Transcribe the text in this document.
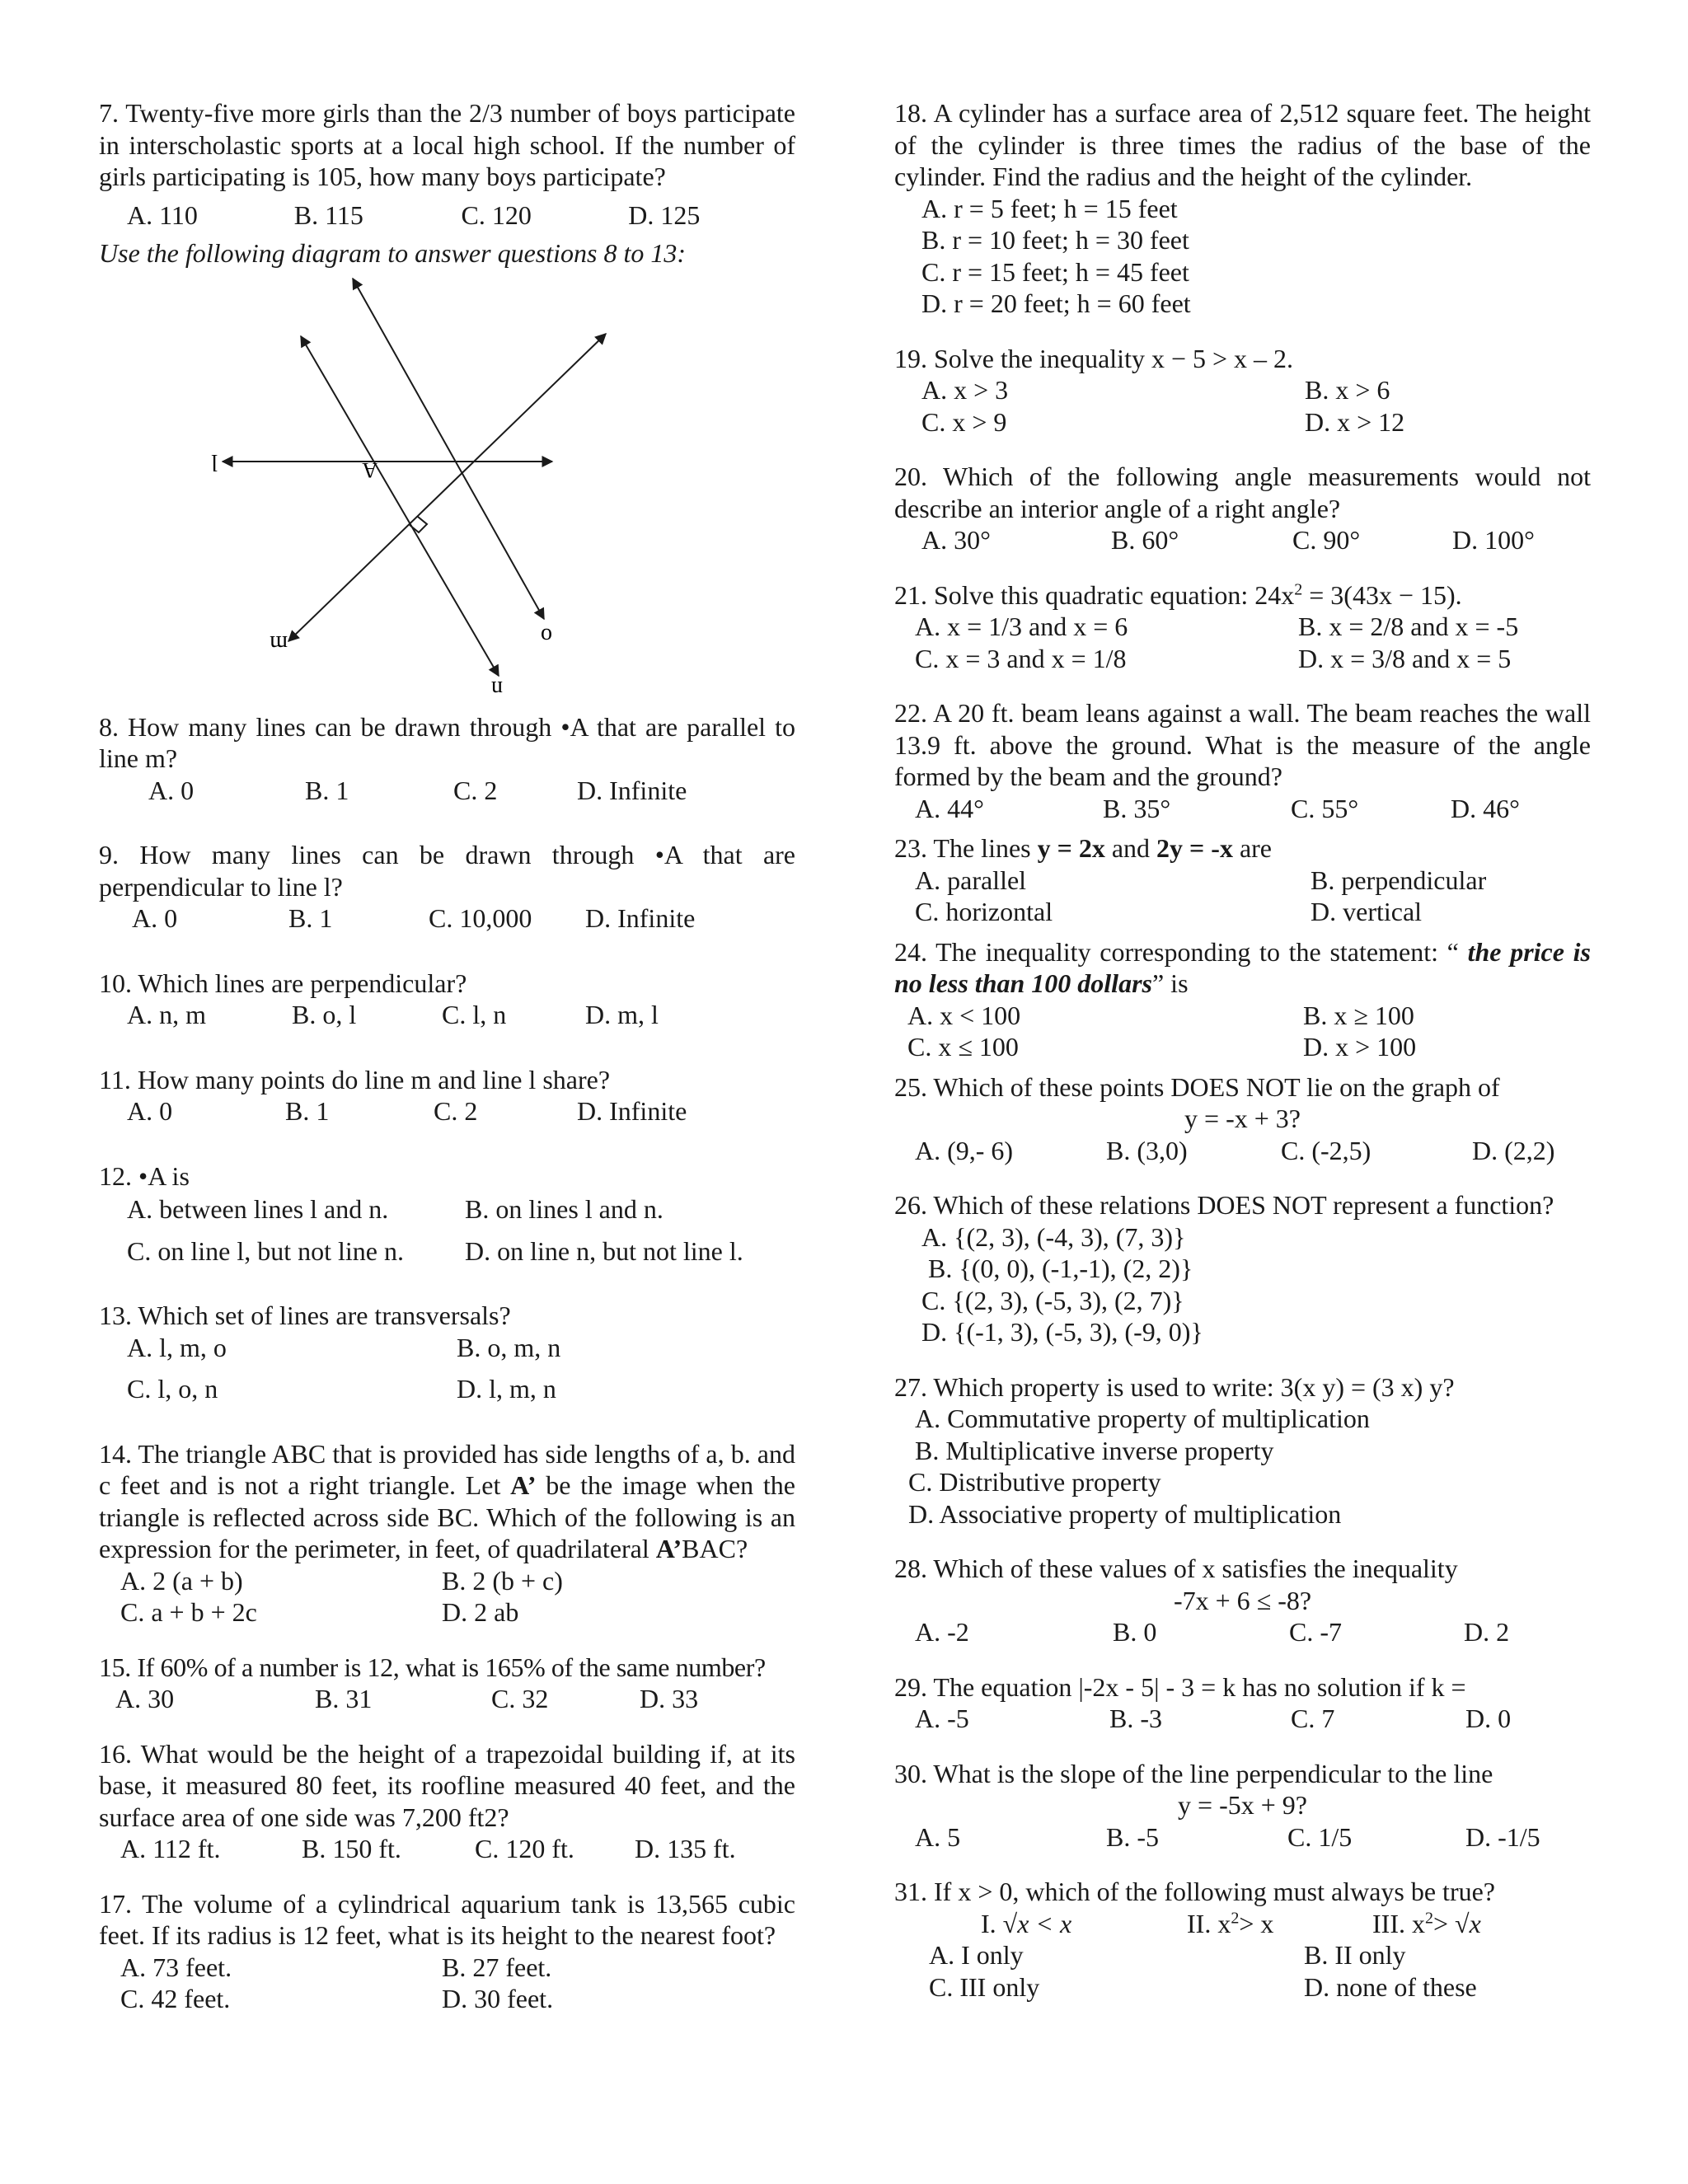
7. Twenty-five more girls than the 2/3 number of boys participate in interscholastic sports at a local high school. If the number of girls participating is 105, how many boys participate?

A. 110	B. 115	C. 120	D. 125

Use the following diagram to answer questions 8 to 13:

l
m
n
o
A

8. How many lines can be drawn through •A that are parallel to line m?

A. 0	B. 1	C. 2	D. Infinite

9. How many lines can be drawn through •A that are perpendicular to line l?

A. 0	B. 1	C. 10,000	D. Infinite

10. Which lines are perpendicular?

A. n, m	B. o, l	C. l, n	D. m, l

11. How many points do line m and line l share?

A. 0	B. 1	C. 2	D. Infinite

12. •A is

A. between lines l and n.	B. on lines l and n.
C. on line l, but not line n.	D. on line n, but not line l.

13. Which set of lines are transversals?

A. l, m, o	B. o, m, n
C. l, o, n	D. l, m, n

14. The triangle ABC that is provided has side lengths of a, b. and c feet and is not a right triangle. Let A’ be the image when the triangle is reflected across side BC. Which of the following is an expression for the perimeter, in feet, of quadrilateral A’BAC?

A. 2 (a + b)	B. 2 (b + c)
C. a + b + 2c	D. 2 ab

15. If 60% of a number is 12, what is 165% of the same number?

A. 30	B. 31	C. 32	D. 33

16. What would be the height of a trapezoidal building if, at its base, it measured 80 feet, its roofline measured 40 feet, and the surface area of one side was 7,200 ft2?

A. 112 ft.	B. 150 ft.	C. 120 ft.	D. 135 ft.

17. The volume of a cylindrical aquarium tank is 13,565 cubic feet. If its radius is 12 feet, what is its height to the nearest foot?

A. 73 feet.	B. 27 feet.
C. 42 feet.	D. 30 feet.

18. A cylinder has a surface area of 2,512 square feet. The height of the cylinder is three times the radius of the base of the cylinder. Find the radius and the height of the cylinder.

A. r = 5 feet; h = 15 feet
B. r = 10 feet; h = 30 feet
C. r = 15 feet; h = 45 feet
D. r = 20 feet; h = 60 feet

19. Solve the inequality x − 5 > x – 2.

A. x > 3	B. x > 6
C. x > 9	D. x > 12

20. Which of the following angle measurements would not describe an interior angle of a right angle?

A. 30°	B. 60°	C. 90°	D. 100°

21. Solve this quadratic equation: $24x^2 = 3(43x - 15)$.

A. x = 1/3 and x = 6	B. x = 2/8 and x = -5
C. x = 3 and x = 1/8	D. x = 3/8 and x = 5

22. A 20 ft. beam leans against a wall. The beam reaches the wall 13.9 ft. above the ground. What is the measure of the angle formed by the beam and the ground?

A. 44°	B. 35°	C. 55°	D. 46°

23. The lines y = 2x and 2y = -x are

A. parallel	B. perpendicular
C. horizontal	D. vertical

24. The inequality corresponding to the statement: “ the price is no less than 100 dollars” is

A. x < 100	B. x ≥ 100
C. x ≤ 100	D. x > 100

25. Which of these points DOES NOT lie on the graph of

y = -x + 3?

A. (9,- 6)	B. (3,0)	C. (-2,5)	D. (2,2)

26. Which of these relations DOES NOT represent a function?

A. {(2, 3), (-4, 3), (7, 3)}
B. {(0, 0), (-1,-1), (2, 2)}
C. {(2, 3), (-5, 3), (2, 7)}
D. {(-1, 3), (-5, 3), (-9, 0)}

27. Which property is used to write: 3(x y) = (3 x) y?

A. Commutative property of multiplication
B. Multiplicative inverse property
C. Distributive property
D. Associative property of multiplication

28. Which of these values of x satisfies the inequality

-7x + 6 ≤ -8?

A. -2	B. 0	C. -7	D. 2

29. The equation |-2x - 5| - 3 = k has no solution if k =

A. -5	B. -3	C. 7	D. 0

30. What is the slope of the line perpendicular to the line

y = -5x + 9?

A. 5	B. -5	C. 1/5	D. -1/5

31. If x > 0, which of the following must always be true?

I. √x < x	II. $x^2> x$	III. $x^2> √x$
A. I only	B. II only
C. III only	D. none of these
